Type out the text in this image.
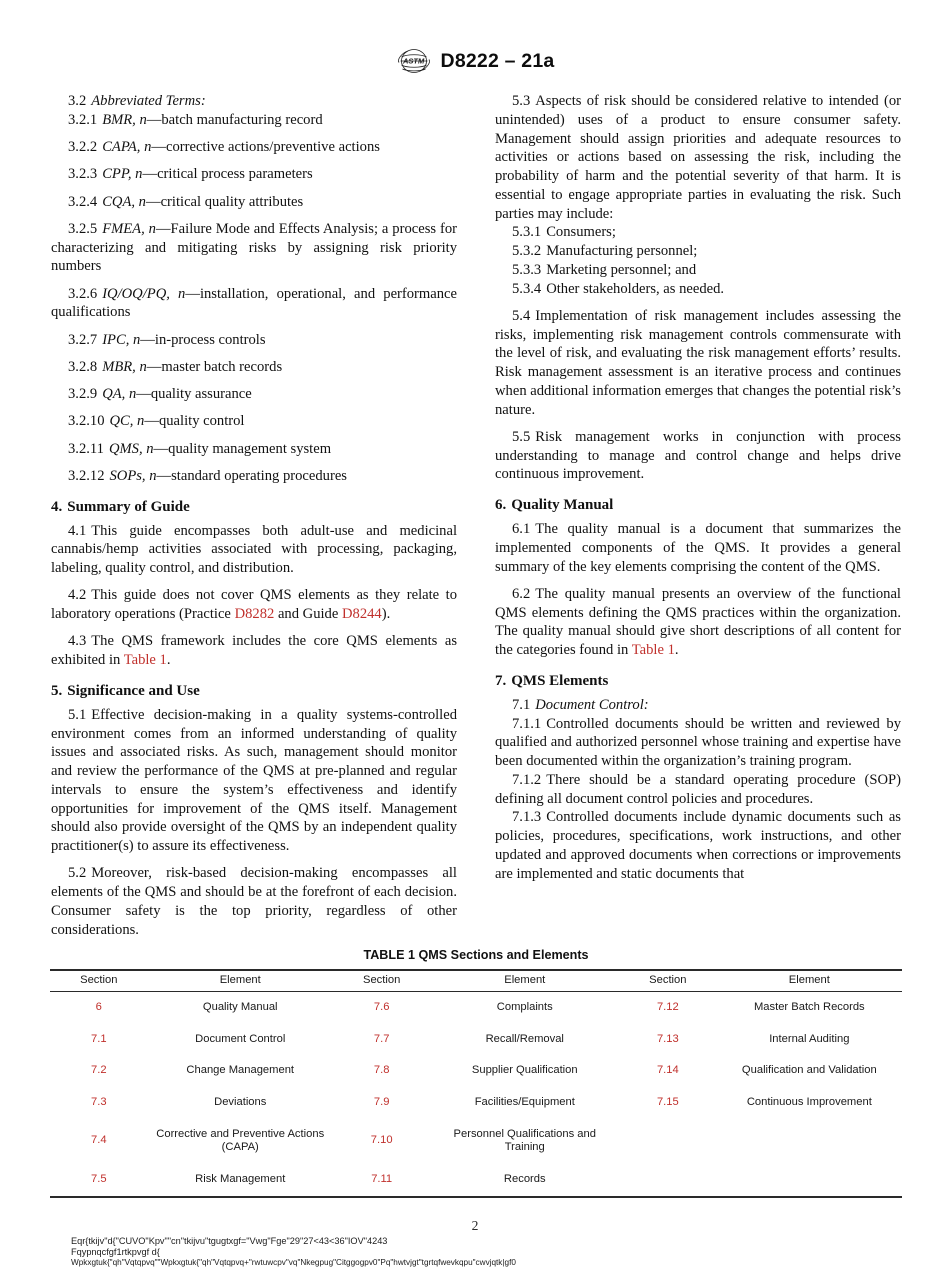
ASTM D8222 – 21a

3.2 Abbreviated Terms:

3.2.1 BMR, n—batch manufacturing record

3.2.2 CAPA, n—corrective actions/preventive actions

3.2.3 CPP, n—critical process parameters

3.2.4 CQA, n—critical quality attributes

3.2.5 FMEA, n—Failure Mode and Effects Analysis; a process for characterizing and mitigating risks by assigning risk priority numbers

3.2.6 IQ/OQ/PQ, n—installation, operational, and performance qualifications

3.2.7 IPC, n—in-process controls

3.2.8 MBR, n—master batch records

3.2.9 QA, n—quality assurance

3.2.10 QC, n—quality control

3.2.11 QMS, n—quality management system

3.2.12 SOPs, n—standard operating procedures

4. Summary of Guide

4.1 This guide encompasses both adult-use and medicinal cannabis/hemp activities associated with processing, packaging, labeling, quality control, and distribution.

4.2 This guide does not cover QMS elements as they relate to laboratory operations (Practice D8282 and Guide D8244).

4.3 The QMS framework includes the core QMS elements as exhibited in Table 1.

5. Significance and Use

5.1 Effective decision-making in a quality systems-controlled environment comes from an informed understanding of quality issues and associated risks. As such, management should monitor and review the performance of the QMS at pre-planned and regular intervals to ensure the system’s effectiveness and identify opportunities for improvement of the QMS itself. Management should also provide oversight of the QMS by an independent quality practitioner(s) to assure its effectiveness.

5.2 Moreover, risk-based decision-making encompasses all elements of the QMS and should be at the forefront of each decision. Consumer safety is the top priority, regardless of other considerations.

5.3 Aspects of risk should be considered relative to intended (or unintended) uses of a product to ensure consumer safety. Management should assign priorities and adequate resources to activities or actions based on assessing the risk, including the probability of harm and the potential severity of that harm. It is essential to engage appropriate parties in evaluating the risk. Such parties may include:

5.3.1 Consumers;

5.3.2 Manufacturing personnel;

5.3.3 Marketing personnel; and

5.3.4 Other stakeholders, as needed.

5.4 Implementation of risk management includes assessing the risks, implementing risk management controls commensurate with the level of risk, and evaluating the risk management efforts’ results. Risk management assessment is an iterative process and continues when additional information emerges that changes the potential risk’s nature.

5.5 Risk management works in conjunction with process understanding to manage and control change and helps drive continuous improvement.

6. Quality Manual

6.1 The quality manual is a document that summarizes the implemented components of the QMS. It provides a general summary of the key elements comprising the content of the QMS.

6.2 The quality manual presents an overview of the functional QMS elements defining the QMS practices within the organization. The quality manual should give short descriptions of all content for the categories found in Table 1.

7. QMS Elements

7.1 Document Control:

7.1.1 Controlled documents should be written and reviewed by qualified and authorized personnel whose training and expertise have been documented within the organization’s training program.

7.1.2 There should be a standard operating procedure (SOP) defining all document control policies and procedures.

7.1.3 Controlled documents include dynamic documents such as policies, procedures, specifications, work instructions, and other updated and approved documents when corrections or improvements are implemented and static documents that

TABLE 1 QMS Sections and Elements
Section	Element	Section	Element	Section	Element
6	Quality Manual	7.6	Complaints	7.12	Master Batch Records
7.1	Document Control	7.7	Recall/Removal	7.13	Internal Auditing
7.2	Change Management	7.8	Supplier Qualification	7.14	Qualification and Validation
7.3	Deviations	7.9	Facilities/Equipment	7.15	Continuous Improvement
7.4	Corrective and Preventive Actions (CAPA)	7.10	Personnel Qualifications and Training		
7.5	Risk Management	7.11	Records		
2
Eqr{tkijv"d{"CUVO"Kpv""cn"tkijvu"tgugtxgf="Vwg"Fge"29"27<43<36"IOV"4243
Fqypnqcfgf1rtkpvgf d{
Wpkxgtuk{"qh"Vqtqpvq""Wpkxgtuk{"qh"Vqtqpvq+"rwtuwcpv"vq"Nkegpug"Citggogpv0"Pq"hwtvjgt"tgrtqfwevkqpu"cwvjqtk|gf0
